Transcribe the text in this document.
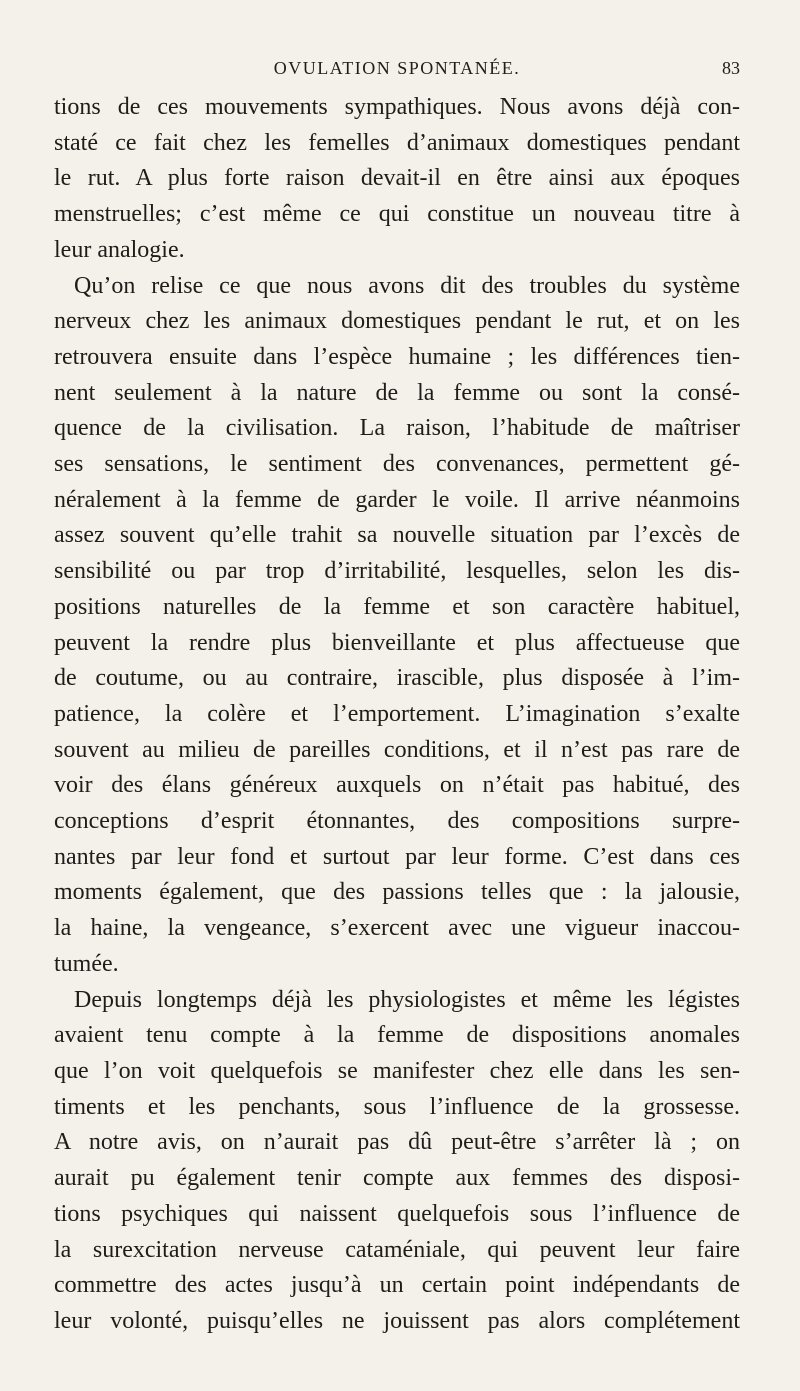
OVULATION SPONTANÉE.	83

tions de ces mouvements sympathiques. Nous avons déjà con-
staté ce fait chez les femelles d’animaux domestiques pendant
le rut. A plus forte raison devait-il en être ainsi aux époques
menstruelles; c’est même ce qui constitue un nouveau titre à
leur analogie.

Qu’on relise ce que nous avons dit des troubles du système
nerveux chez les animaux domestiques pendant le rut, et on les
retrouvera ensuite dans l’espèce humaine ; les différences tien-
nent seulement à la nature de la femme ou sont la consé-
quence de la civilisation. La raison, l’habitude de maîtriser
ses sensations, le sentiment des convenances, permettent gé-
néralement à la femme de garder le voile. Il arrive néanmoins
assez souvent qu’elle trahit sa nouvelle situation par l’excès de
sensibilité ou par trop d’irritabilité, lesquelles, selon les dis-
positions naturelles de la femme et son caractère habituel,
peuvent la rendre plus bienveillante et plus affectueuse que
de coutume, ou au contraire, irascible, plus disposée à l’im-
patience, la colère et l’emportement. L’imagination s’exalte
souvent au milieu de pareilles conditions, et il n’est pas rare de
voir des élans généreux auxquels on n’était pas habitué, des
conceptions d’esprit étonnantes, des compositions surpre-
nantes par leur fond et surtout par leur forme. C’est dans ces
moments également, que des passions telles que : la jalousie,
la haine, la vengeance, s’exercent avec une vigueur inaccou-
tumée.

Depuis longtemps déjà les physiologistes et même les légistes
avaient tenu compte à la femme de dispositions anomales
que l’on voit quelquefois se manifester chez elle dans les sen-
timents et les penchants, sous l’influence de la grossesse.
A notre avis, on n’aurait pas dû peut-être s’arrêter là ; on
aurait pu également tenir compte aux femmes des disposi-
tions psychiques qui naissent quelquefois sous l’influence de
la surexcitation nerveuse cataméniale, qui peuvent leur faire
commettre des actes jusqu’à un certain point indépendants de
leur volonté, puisqu’elles ne jouissent pas alors complétement
